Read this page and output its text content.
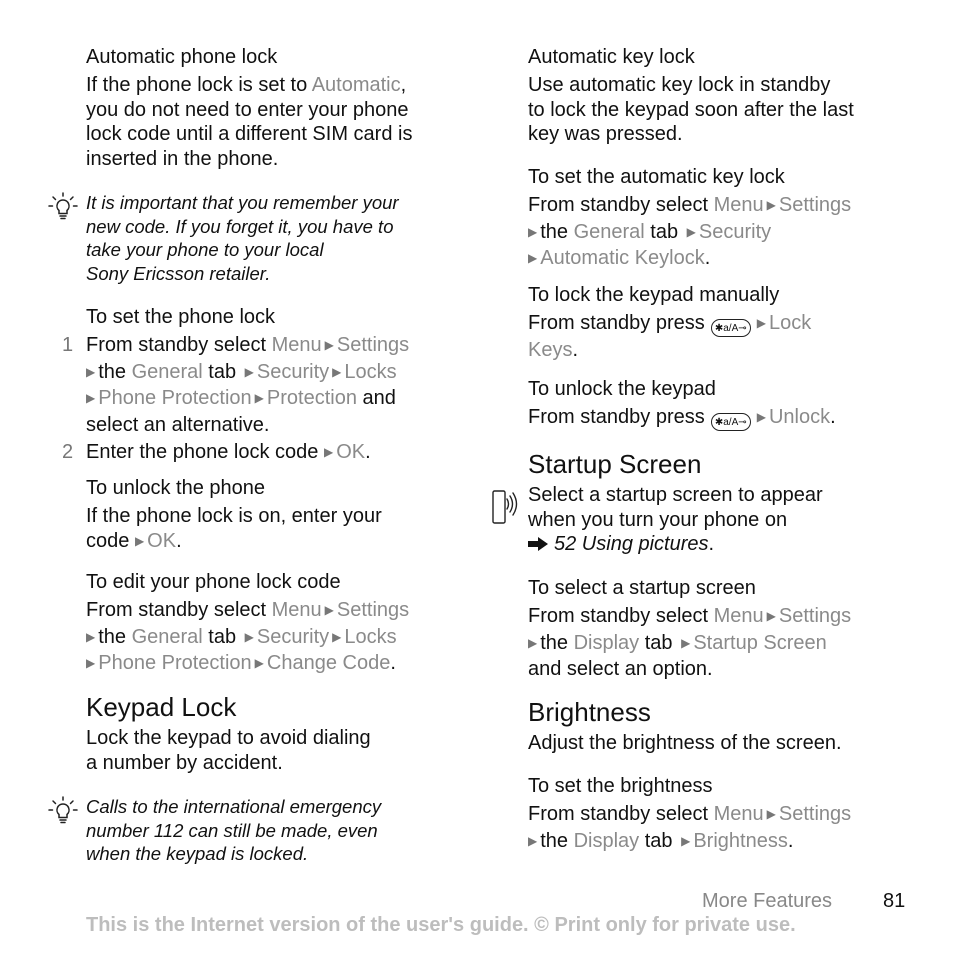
Automatic phone lock
If the phone lock is set to Automatic,
you do not need to enter your phone
lock code until a different SIM card is
inserted in the phone.
It is important that you remember your
new code. If you forget it, you have to
take your phone to your local
Sony Ericsson retailer.
To set the phone lock
1 From standby select Menu ▶ Settings
▶ the General tab ▶ Security ▶ Locks
▶ Phone Protection ▶ Protection and
select an alternative.
2 Enter the phone lock code ▶ OK.
To unlock the phone
If the phone lock is on, enter your
code ▶ OK.
To edit your phone lock code
From standby select Menu ▶ Settings
▶ the General tab ▶ Security ▶ Locks
▶ Phone Protection ▶ Change Code.
Keypad Lock
Lock the keypad to avoid dialing
a number by accident.
Calls to the international emergency
number 112 can still be made, even
when the keypad is locked.
Automatic key lock
Use automatic key lock in standby
to lock the keypad soon after the last
key was pressed.
To set the automatic key lock
From standby select Menu ▶ Settings
▶ the General tab ▶ Security
▶ Automatic Keylock.
To lock the keypad manually
From standby press ✱a/A⊸ ▶ Lock
Keys.
To unlock the keypad
From standby press ✱a/A⊸ ▶ Unlock.
Startup Screen
Select a startup screen to appear
when you turn your phone on
52 Using pictures.
To select a startup screen
From standby select Menu ▶ Settings
▶ the Display tab ▶ Startup Screen
and select an option.
Brightness
Adjust the brightness of the screen.
To set the brightness
From standby select Menu ▶ Settings
▶ the Display tab ▶ Brightness.
More Features	81
This is the Internet version of the user's guide. © Print only for private use.
